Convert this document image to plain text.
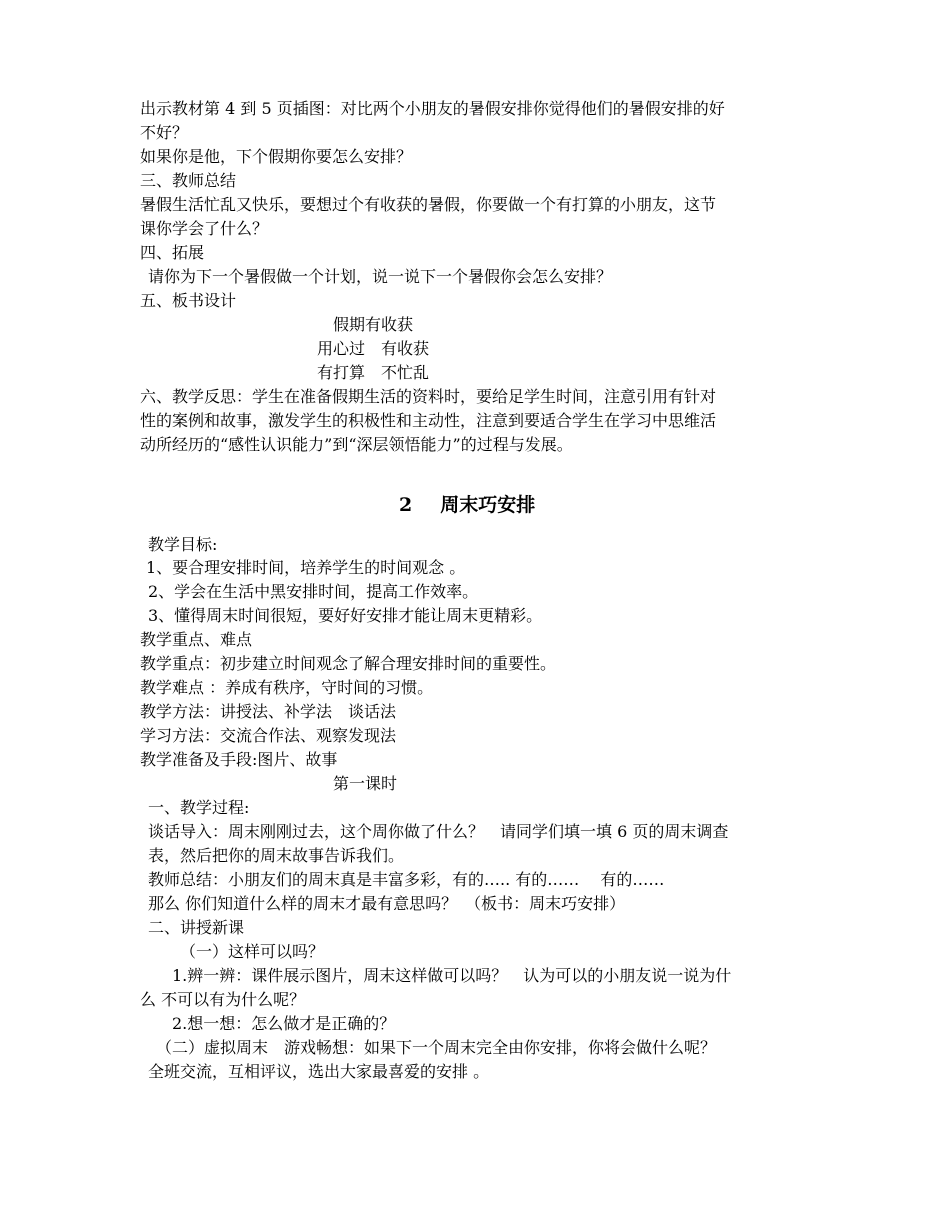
出示教材第 4 到 5 页插图：对比两个小朋友的暑假安排你觉得他们的暑假安排的好
不好？
如果你是他，下个假期你要怎么安排？
三、教师总结
暑假生活忙乱又快乐，要想过个有收获的暑假，你要做一个有打算的小朋友，这节
课你学会了什么？
四、拓展
请你为下一个暑假做一个计划，说一说下一个暑假你会怎么安排？
五、板书设计
假期有收获
用心过　有收获
有打算　不忙乱
六、教学反思：学生在准备假期生活的资料时，要给足学生时间，注意引用有针对
性的案例和故事，激发学生的积极性和主动性，注意到要适合学生在学习中思维活
动所经历的“感性认识能力”到“深层领悟能力”的过程与发展。
2 周末巧安排
教学目标:
1、要合理安排时间，培养学生的时间观念 。
2、学会在生活中黑安排时间，提高工作效率。
3、懂得周末时间很短，要好好安排才能让周末更精彩。
教学重点、难点
教学重点：初步建立时间观念了解合理安排时间的重要性。
教学难点 ：养成有秩序，守时间的习惯。
教学方法：讲授法、补学法　谈话法
学习方法：交流合作法、观察发现法
教学准备及手段:图片、故事
第一课时
一、教学过程:
谈话导入：周末刚刚过去，这个周你做了什么？　请同学们填一填 6 页的周末调查
表，然后把你的周末故事告诉我们。
教师总结：小朋友们的周末真是丰富多彩，有的….. 有的……　 有的……
那么 你们知道什么样的周末才最有意思吗？　（板书：周末巧安排）
二、讲授新课
（一）这样可以吗？
1.辨一辨：课件展示图片，周末这样做可以吗？　认为可以的小朋友说一说为什
么 不可以有为什么呢？
2.想一想：怎么做才是正确的？
（二）虚拟周末　游戏畅想：如果下一个周末完全由你安排，你将会做什么呢？
全班交流，互相评议，选出大家最喜爱的安排 。
